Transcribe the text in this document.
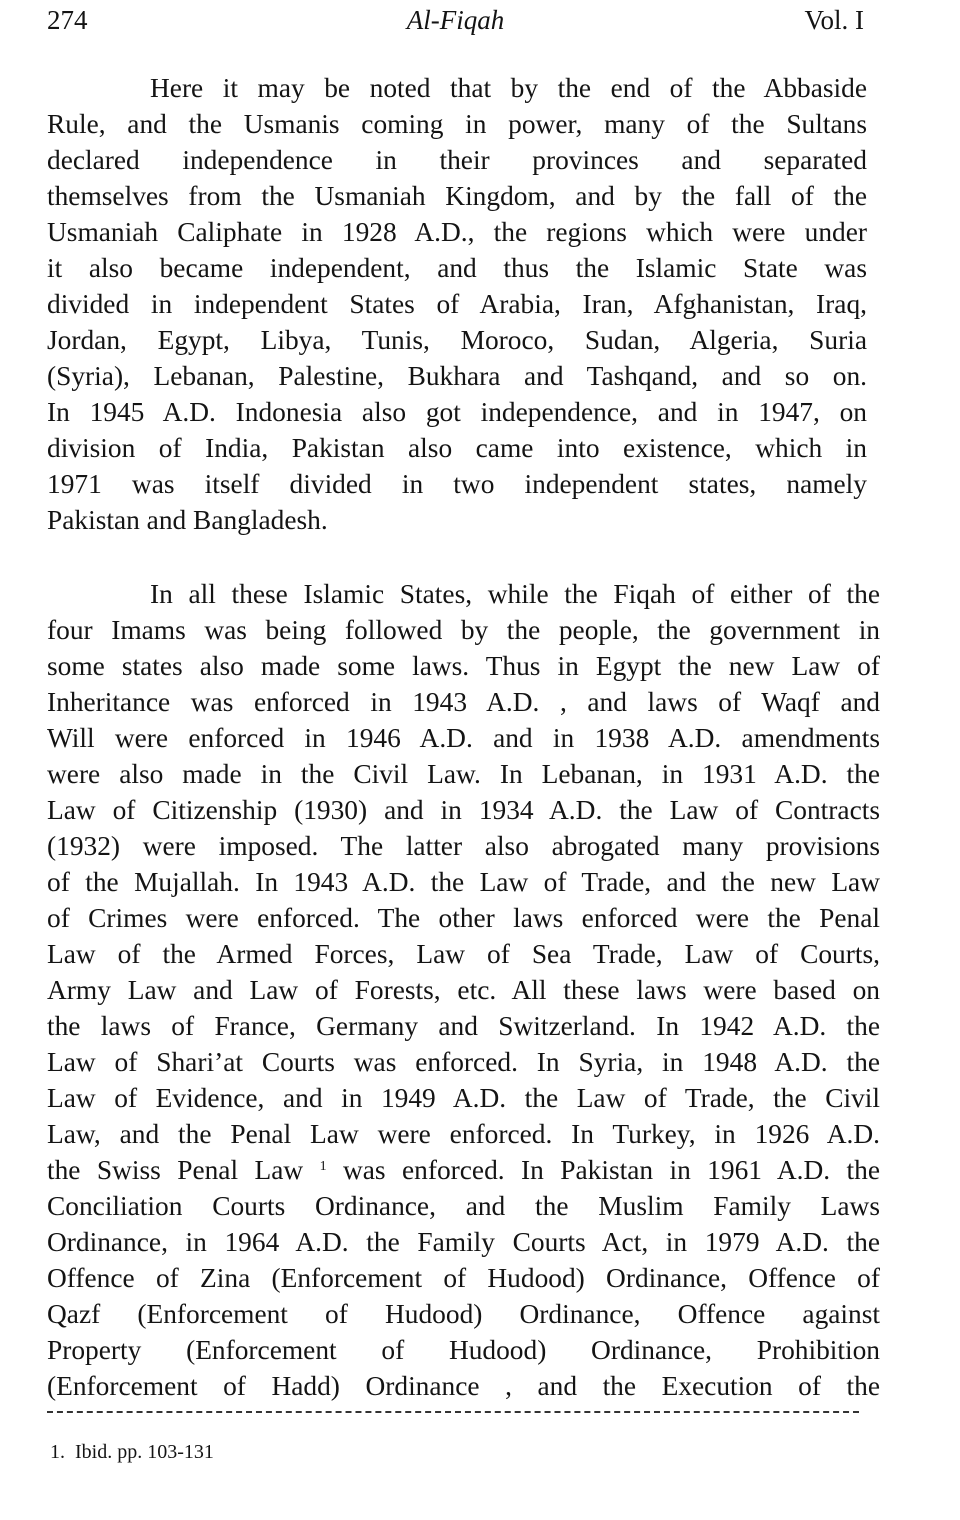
274	Al-Fiqah	Vol. I

Here it may be noted that by the end of the Abbaside
Rule, and the Usmanis coming in power, many of the Sultans
declared independence in their provinces and separated
themselves from the Usmaniah Kingdom, and by the fall of the
Usmaniah Caliphate in 1928 A.D., the regions which were under
it also became independent, and thus the Islamic State was
divided in independent States of Arabia, Iran, Afghanistan, Iraq,
Jordan, Egypt, Libya, Tunis, Moroco, Sudan, Algeria, Suria
(Syria), Lebanan, Palestine, Bukhara and Tashqand, and so on.
In 1945 A.D. Indonesia also got independence, and in 1947, on
division of India, Pakistan also came into existence, which in
1971 was itself divided in two independent states, namely
Pakistan and Bangladesh.

In all these Islamic States, while the Fiqah of either of the
four Imams was being followed by the people, the government in
some states also made some laws. Thus in Egypt the new Law of
Inheritance was enforced in 1943 A.D. , and laws of Waqf and
Will were enforced in 1946 A.D. and in 1938 A.D. amendments
were also made in the Civil Law. In Lebanan, in 1931 A.D. the
Law of Citizenship (1930) and in 1934 A.D. the Law of Contracts
(1932) were imposed. The latter also abrogated many provisions
of the Mujallah. In 1943 A.D. the Law of Trade, and the new Law
of Crimes were enforced. The other laws enforced were the Penal
Law of the Armed Forces, Law of Sea Trade, Law of Courts,
Army Law and Law of Forests, etc. All these laws were based on
the laws of France, Germany and Switzerland. In 1942 A.D. the
Law of Shari’at Courts was enforced. In Syria, in 1948 A.D. the
Law of Evidence, and in 1949 A.D. the Law of Trade, the Civil
Law, and the Penal Law were enforced. In Turkey, in 1926 A.D.
the Swiss Penal Law $^1$ was enforced. In Pakistan in 1961 A.D. the
Conciliation Courts Ordinance, and the Muslim Family Laws
Ordinance, in 1964 A.D. the Family Courts Act, in 1979 A.D. the
Offence of Zina (Enforcement of Hudood) Ordinance, Offence of
Qazf (Enforcement of Hudood) Ordinance, Offence against
Property (Enforcement of Hudood) Ordinance, Prohibition
(Enforcement of Hadd) Ordinance , and the Execution of the

1. Ibid. pp. 103-131
